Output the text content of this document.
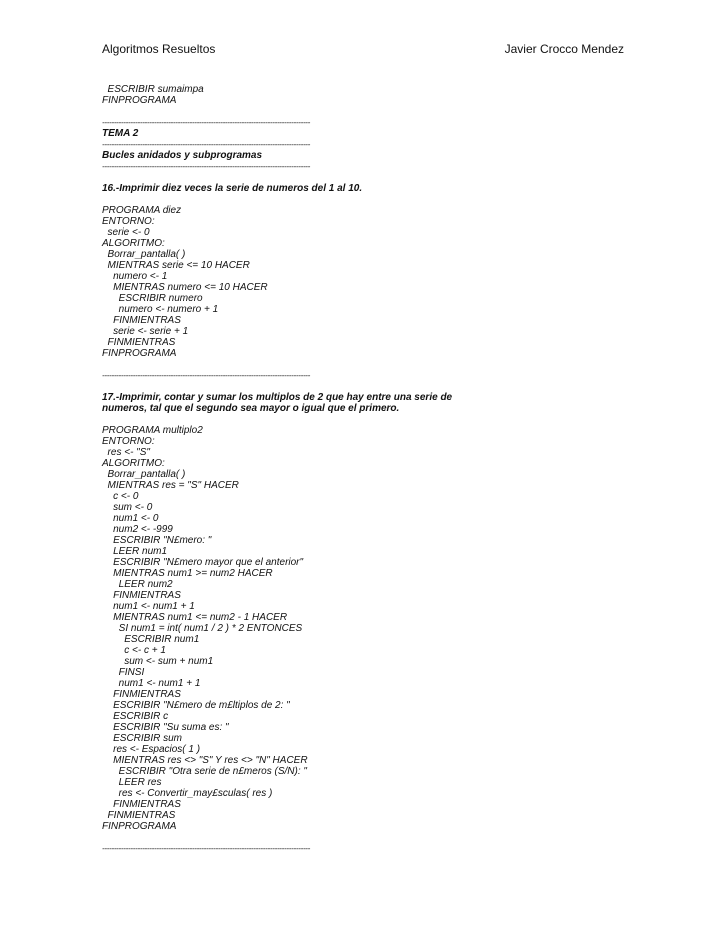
Algoritmos Resueltos	Javier Crocco Mendez
ESCRIBIR sumaimpa
FINPROGRAMA
----------------------------------------------------------------------------------------
TEMA 2
----------------------------------------------------------------------------------------
Bucles anidados y subprogramas
----------------------------------------------------------------------------------------
16.-Imprimir diez veces la serie de numeros del 1 al 10.
PROGRAMA diez
ENTORNO:
serie <- 0
ALGORITMO:
Borrar_pantalla( )
MIENTRAS serie <= 10 HACER
numero <- 1
MIENTRAS numero <= 10 HACER
ESCRIBIR numero
numero <- numero + 1
FINMIENTRAS
serie <- serie + 1
FINMIENTRAS
FINPROGRAMA
----------------------------------------------------------------------------------------
17.-Imprimir, contar y sumar los multiplos de 2 que hay entre una serie de
numeros, tal que el segundo sea mayor o igual que el primero.
PROGRAMA multiplo2
ENTORNO:
res <- "S"
ALGORITMO:
Borrar_pantalla( )
MIENTRAS res = "S" HACER
c <- 0
sum <- 0
num1 <- 0
num2 <- -999
ESCRIBIR "N£mero: "
LEER num1
ESCRIBIR "N£mero mayor que el anterior"
MIENTRAS num1 >= num2 HACER
LEER num2
FINMIENTRAS
num1 <- num1 + 1
MIENTRAS num1 <= num2 - 1 HACER
SI num1 = int( num1 / 2 ) * 2 ENTONCES
ESCRIBIR num1
c <- c + 1
sum <- sum + num1
FINSI
num1 <- num1 + 1
FINMIENTRAS
ESCRIBIR "N£mero de m£ltiplos de 2: "
ESCRIBIR c
ESCRIBIR "Su suma es: "
ESCRIBIR sum
res <- Espacios( 1 )
MIENTRAS res <> "S" Y res <> "N" HACER
ESCRIBIR "Otra serie de n£meros (S/N): "
LEER res
res <- Convertir_may£sculas( res )
FINMIENTRAS
FINMIENTRAS
FINPROGRAMA
----------------------------------------------------------------------------------------
